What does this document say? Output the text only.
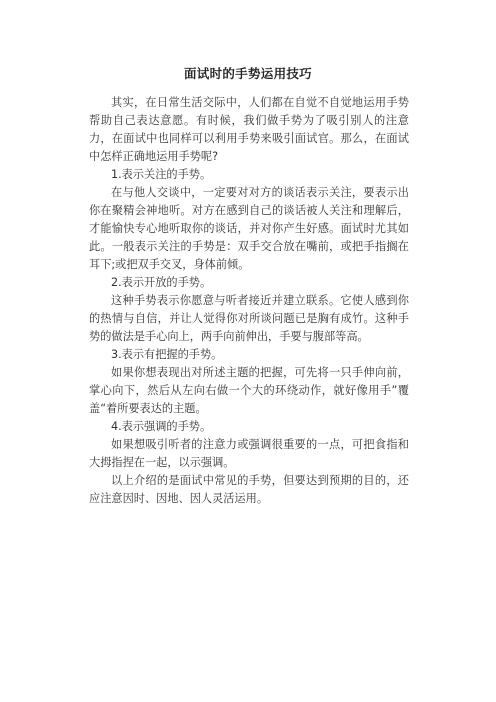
面试时的手势运用技巧

其实，在日常生活交际中，人们都在自觉不自觉地运用手势帮助自己表达意愿。有时候，我们做手势为了吸引别人的注意力，在面试中也同样可以利用手势来吸引面试官。那么，在面试中怎样正确地运用手势呢?

1.表示关注的手势。

在与他人交谈中，一定要对对方的谈话表示关注，要表示出你在聚精会神地听。对方在感到自己的谈话被人关注和理解后，才能愉快专心地听取你的谈话，并对你产生好感。面试时尤其如此。一般表示关注的手势是：双手交合放在嘴前，或把手指搁在耳下;或把双手交叉，身体前倾。

2.表示开放的手势。

这种手势表示你愿意与听者接近并建立联系。它使人感到你的热情与自信，并让人觉得你对所谈问题已是胸有成竹。这种手势的做法是手心向上，两手向前伸出，手要与腹部等高。

3.表示有把握的手势。

如果你想表现出对所述主题的把握，可先将一只手伸向前，掌心向下，然后从左向右做一个大的环绕动作，就好像用手”覆盖“着所要表达的主题。

4.表示强调的手势。

如果想吸引听者的注意力或强调很重要的一点，可把食指和大拇指捏在一起，以示强调。

以上介绍的是面试中常见的手势，但要达到预期的目的，还应注意因时、因地、因人灵活运用。
